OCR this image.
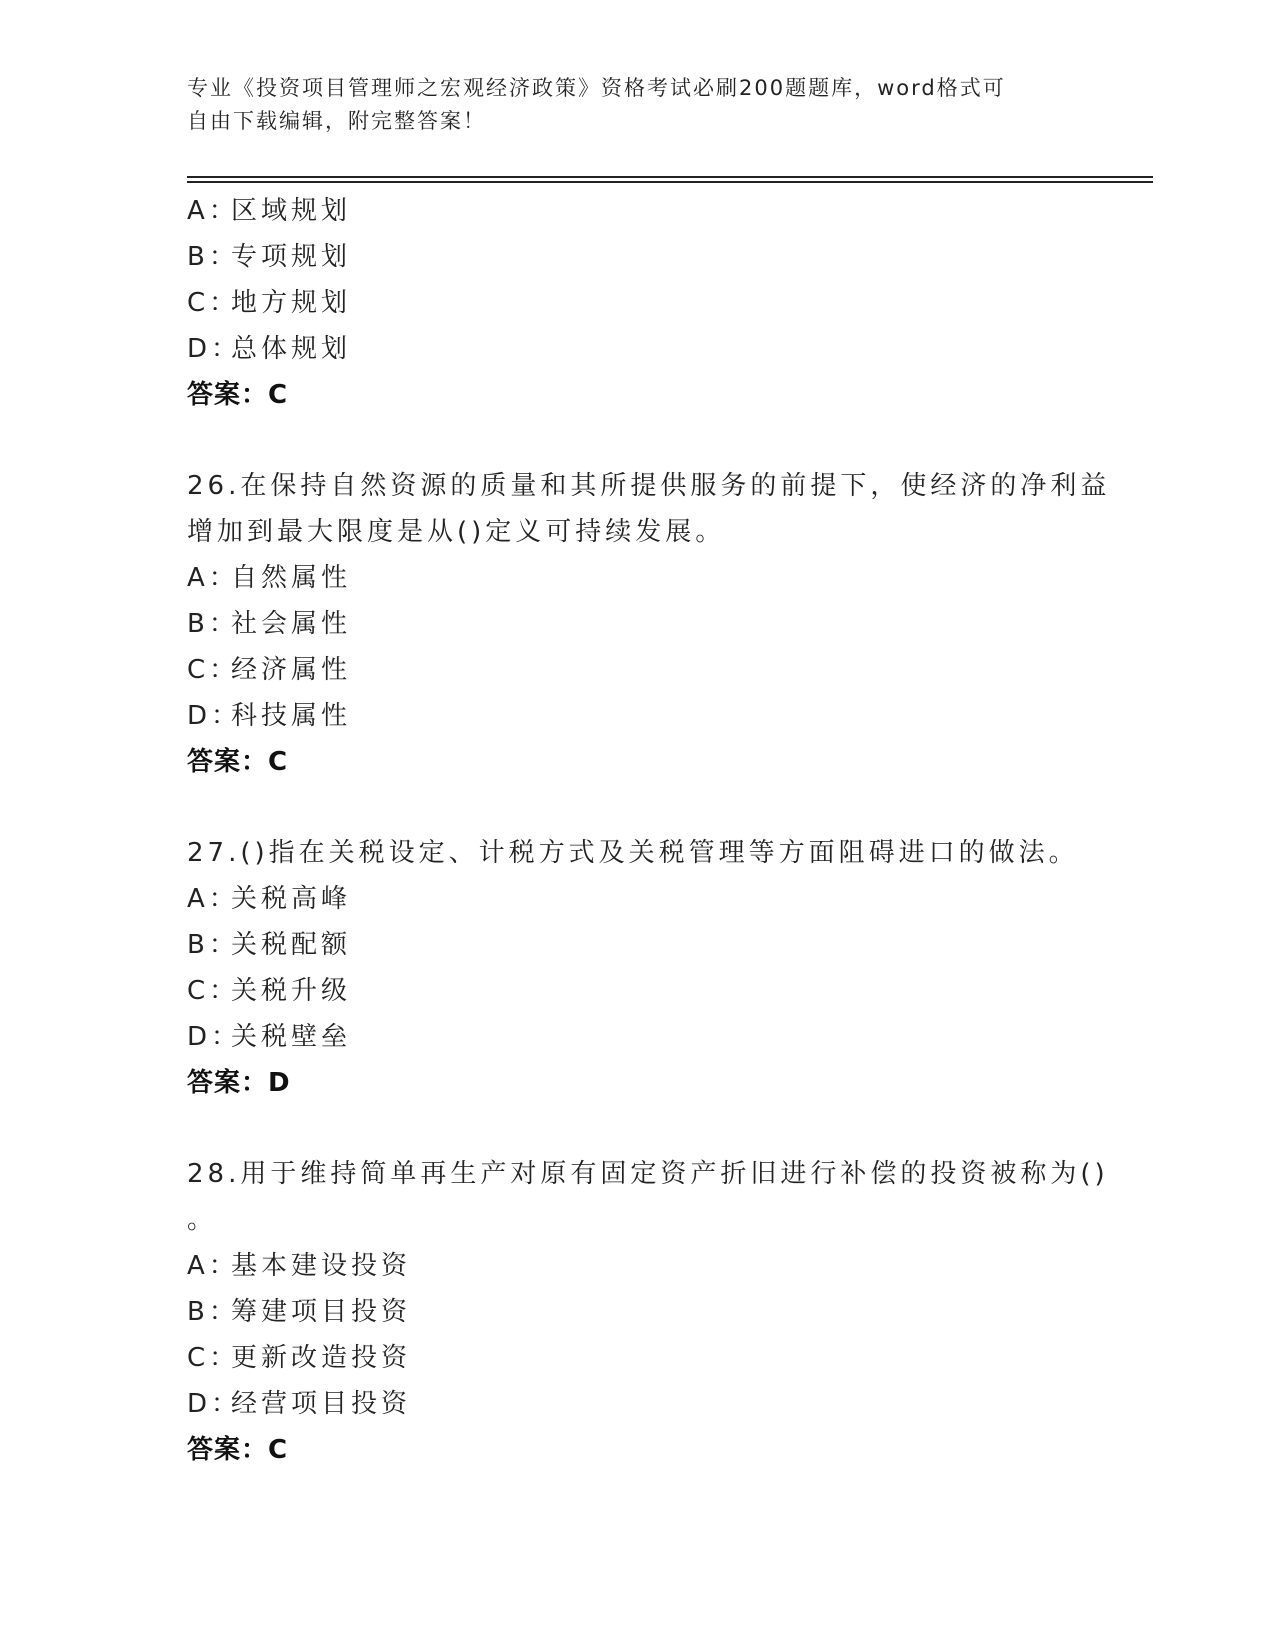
专业《投资项目管理师之宏观经济政策》资格考试必刷200题题库，word格式可
自由下载编辑，附完整答案！
A：区域规划
B：专项规划
C：地方规划
D：总体规划
答案：C
26.在保持自然资源的质量和其所提供服务的前提下，使经济的净利益
增加到最大限度是从()定义可持续发展。
A：自然属性
B：社会属性
C：经济属性
D：科技属性
答案：C
27.()指在关税设定、计税方式及关税管理等方面阻碍进口的做法。
A：关税高峰
B：关税配额
C：关税升级
D：关税壁垒
答案：D
28.用于维持简单再生产对原有固定资产折旧进行补偿的投资被称为()
。
A：基本建设投资
B：筹建项目投资
C：更新改造投资
D：经营项目投资
答案：C
